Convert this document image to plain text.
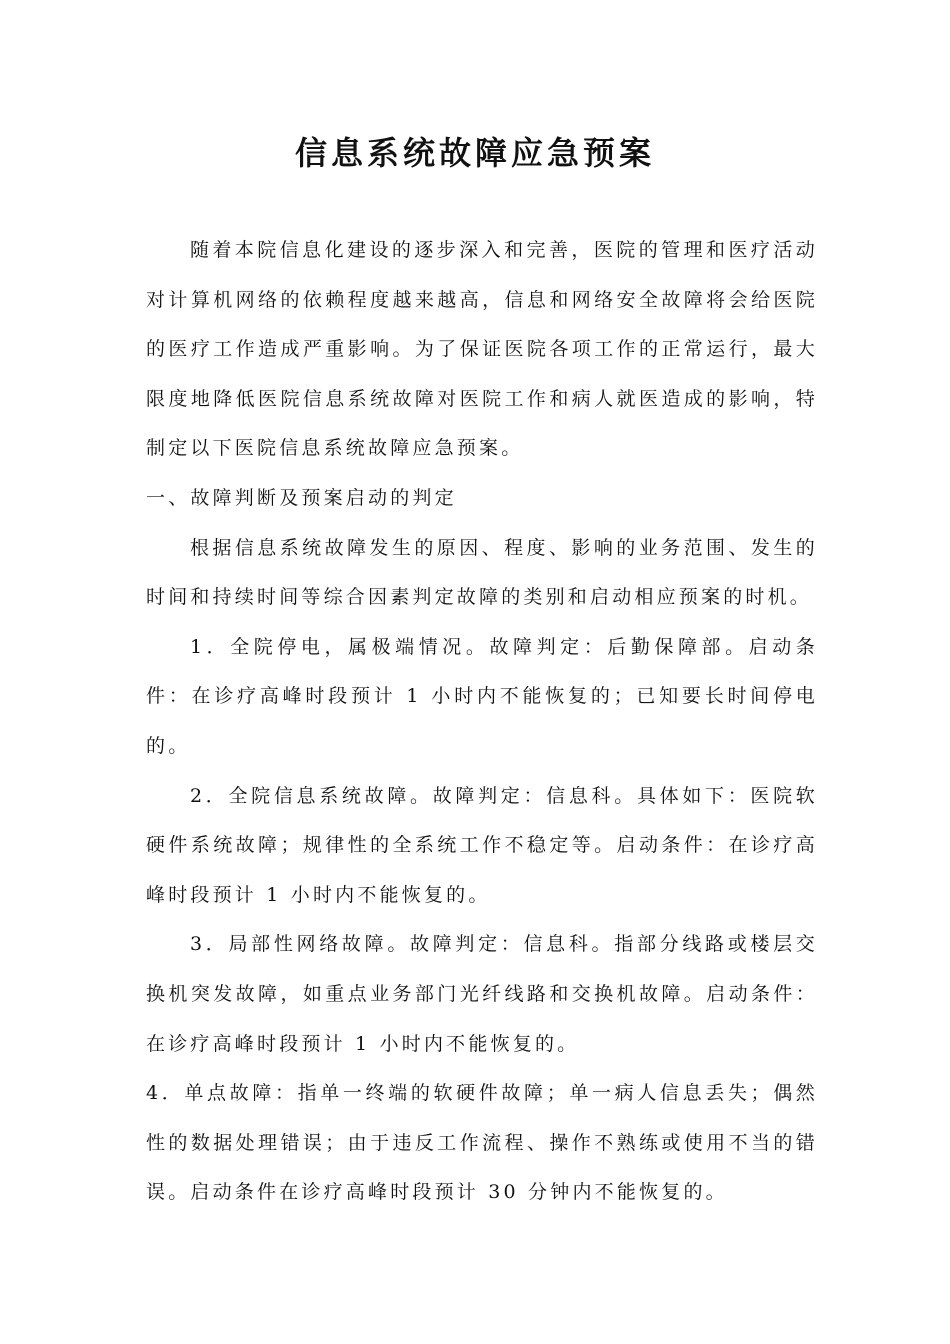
信息系统故障应急预案

随着本院信息化建设的逐步深入和完善，医院的管理和医疗活动对计算机网络的依赖程度越来越高，信息和网络安全故障将会给医院的医疗工作造成严重影响。为了保证医院各项工作的正常运行，最大限度地降低医院信息系统故障对医院工作和病人就医造成的影响，特制定以下医院信息系统故障应急预案。

一、故障判断及预案启动的判定

根据信息系统故障发生的原因、程度、影响的业务范围、发生的时间和持续时间等综合因素判定故障的类别和启动相应预案的时机。

1．全院停电，属极端情况。故障判定：后勤保障部。启动条件：在诊疗高峰时段预计 1 小时内不能恢复的；已知要长时间停电的。

2．全院信息系统故障。故障判定：信息科。具体如下：医院软硬件系统故障；规律性的全系统工作不稳定等。启动条件：在诊疗高峰时段预计 1 小时内不能恢复的。

3．局部性网络故障。故障判定：信息科。指部分线路或楼层交换机突发故障，如重点业务部门光纤线路和交换机故障。启动条件：在诊疗高峰时段预计 1 小时内不能恢复的。

4．单点故障：指单一终端的软硬件故障；单一病人信息丢失；偶然性的数据处理错误；由于违反工作流程、操作不熟练或使用不当的错误。启动条件在诊疗高峰时段预计 30 分钟内不能恢复的。
